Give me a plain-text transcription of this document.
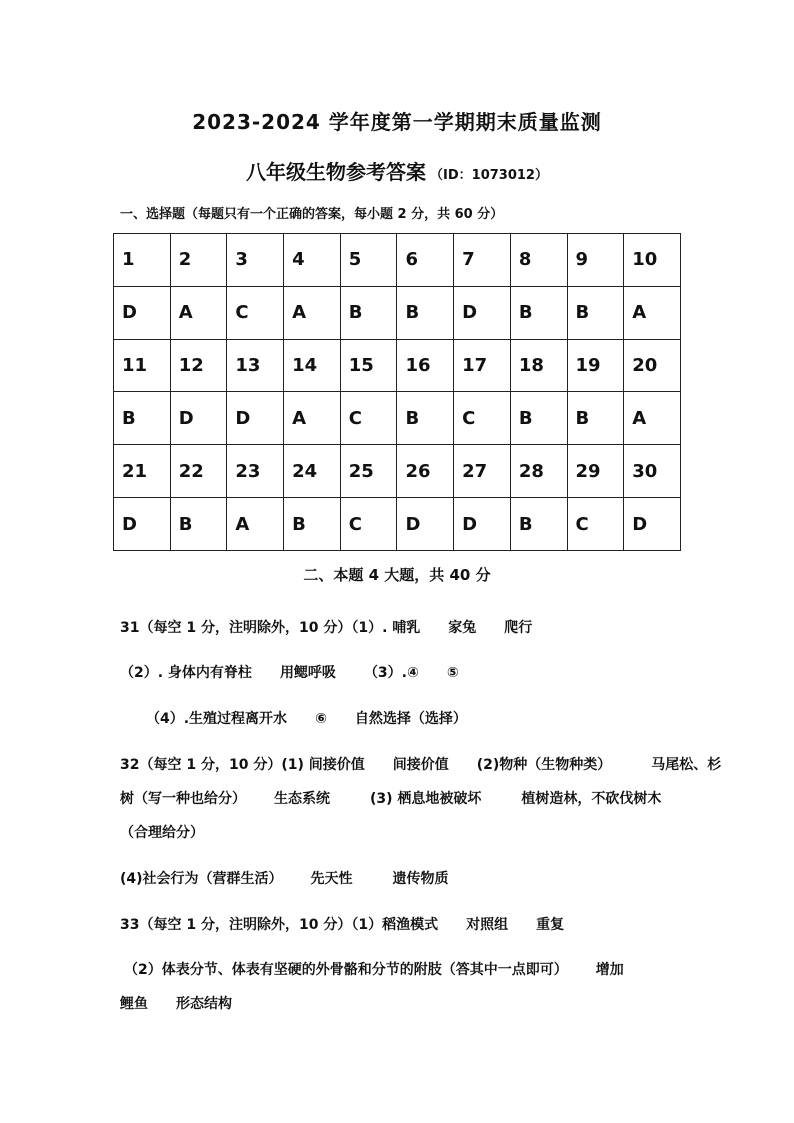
2023-2024 学年度第一学期期末质量监测
八年级生物参考答案 （ID：1073012）
一、选择题（每题只有一个正确的答案，每小题 2 分，共 60 分）
1	2	3	4	5	6	7	8	9	10
D	A	C	A	B	B	D	B	B	A
11	12	13	14	15	16	17	18	19	20
B	D	D	A	C	B	C	B	B	A
21	22	23	24	25	26	27	28	29	30
D	B	A	B	C	D	D	B	C	D
二、本题 4 大题，共 40 分
31（每空 1 分，注明除外，10 分）（1）. 哺乳 家兔 爬行
（2）. 身体内有脊柱 用鳃呼吸 （3）.④ ⑤
（4）.生殖过程离开水 ⑥ 自然选择（选择）
32（每空 1 分，10 分）(1) 间接价值 间接价值 (2)物种（生物种类）	马尾松、杉
树（写一种也给分） 生态系统	(3) 栖息地被破坏	植树造林，不砍伐树木
（合理给分）
(4)社会行为（营群生活） 先天性	遗传物质
33（每空 1 分，注明除外，10 分）（1）稻渔模式 对照组 重复
（2）体表分节、体表有坚硬的外骨骼和分节的附肢（答其中一点即可） 增加
鲤鱼 形态结构
